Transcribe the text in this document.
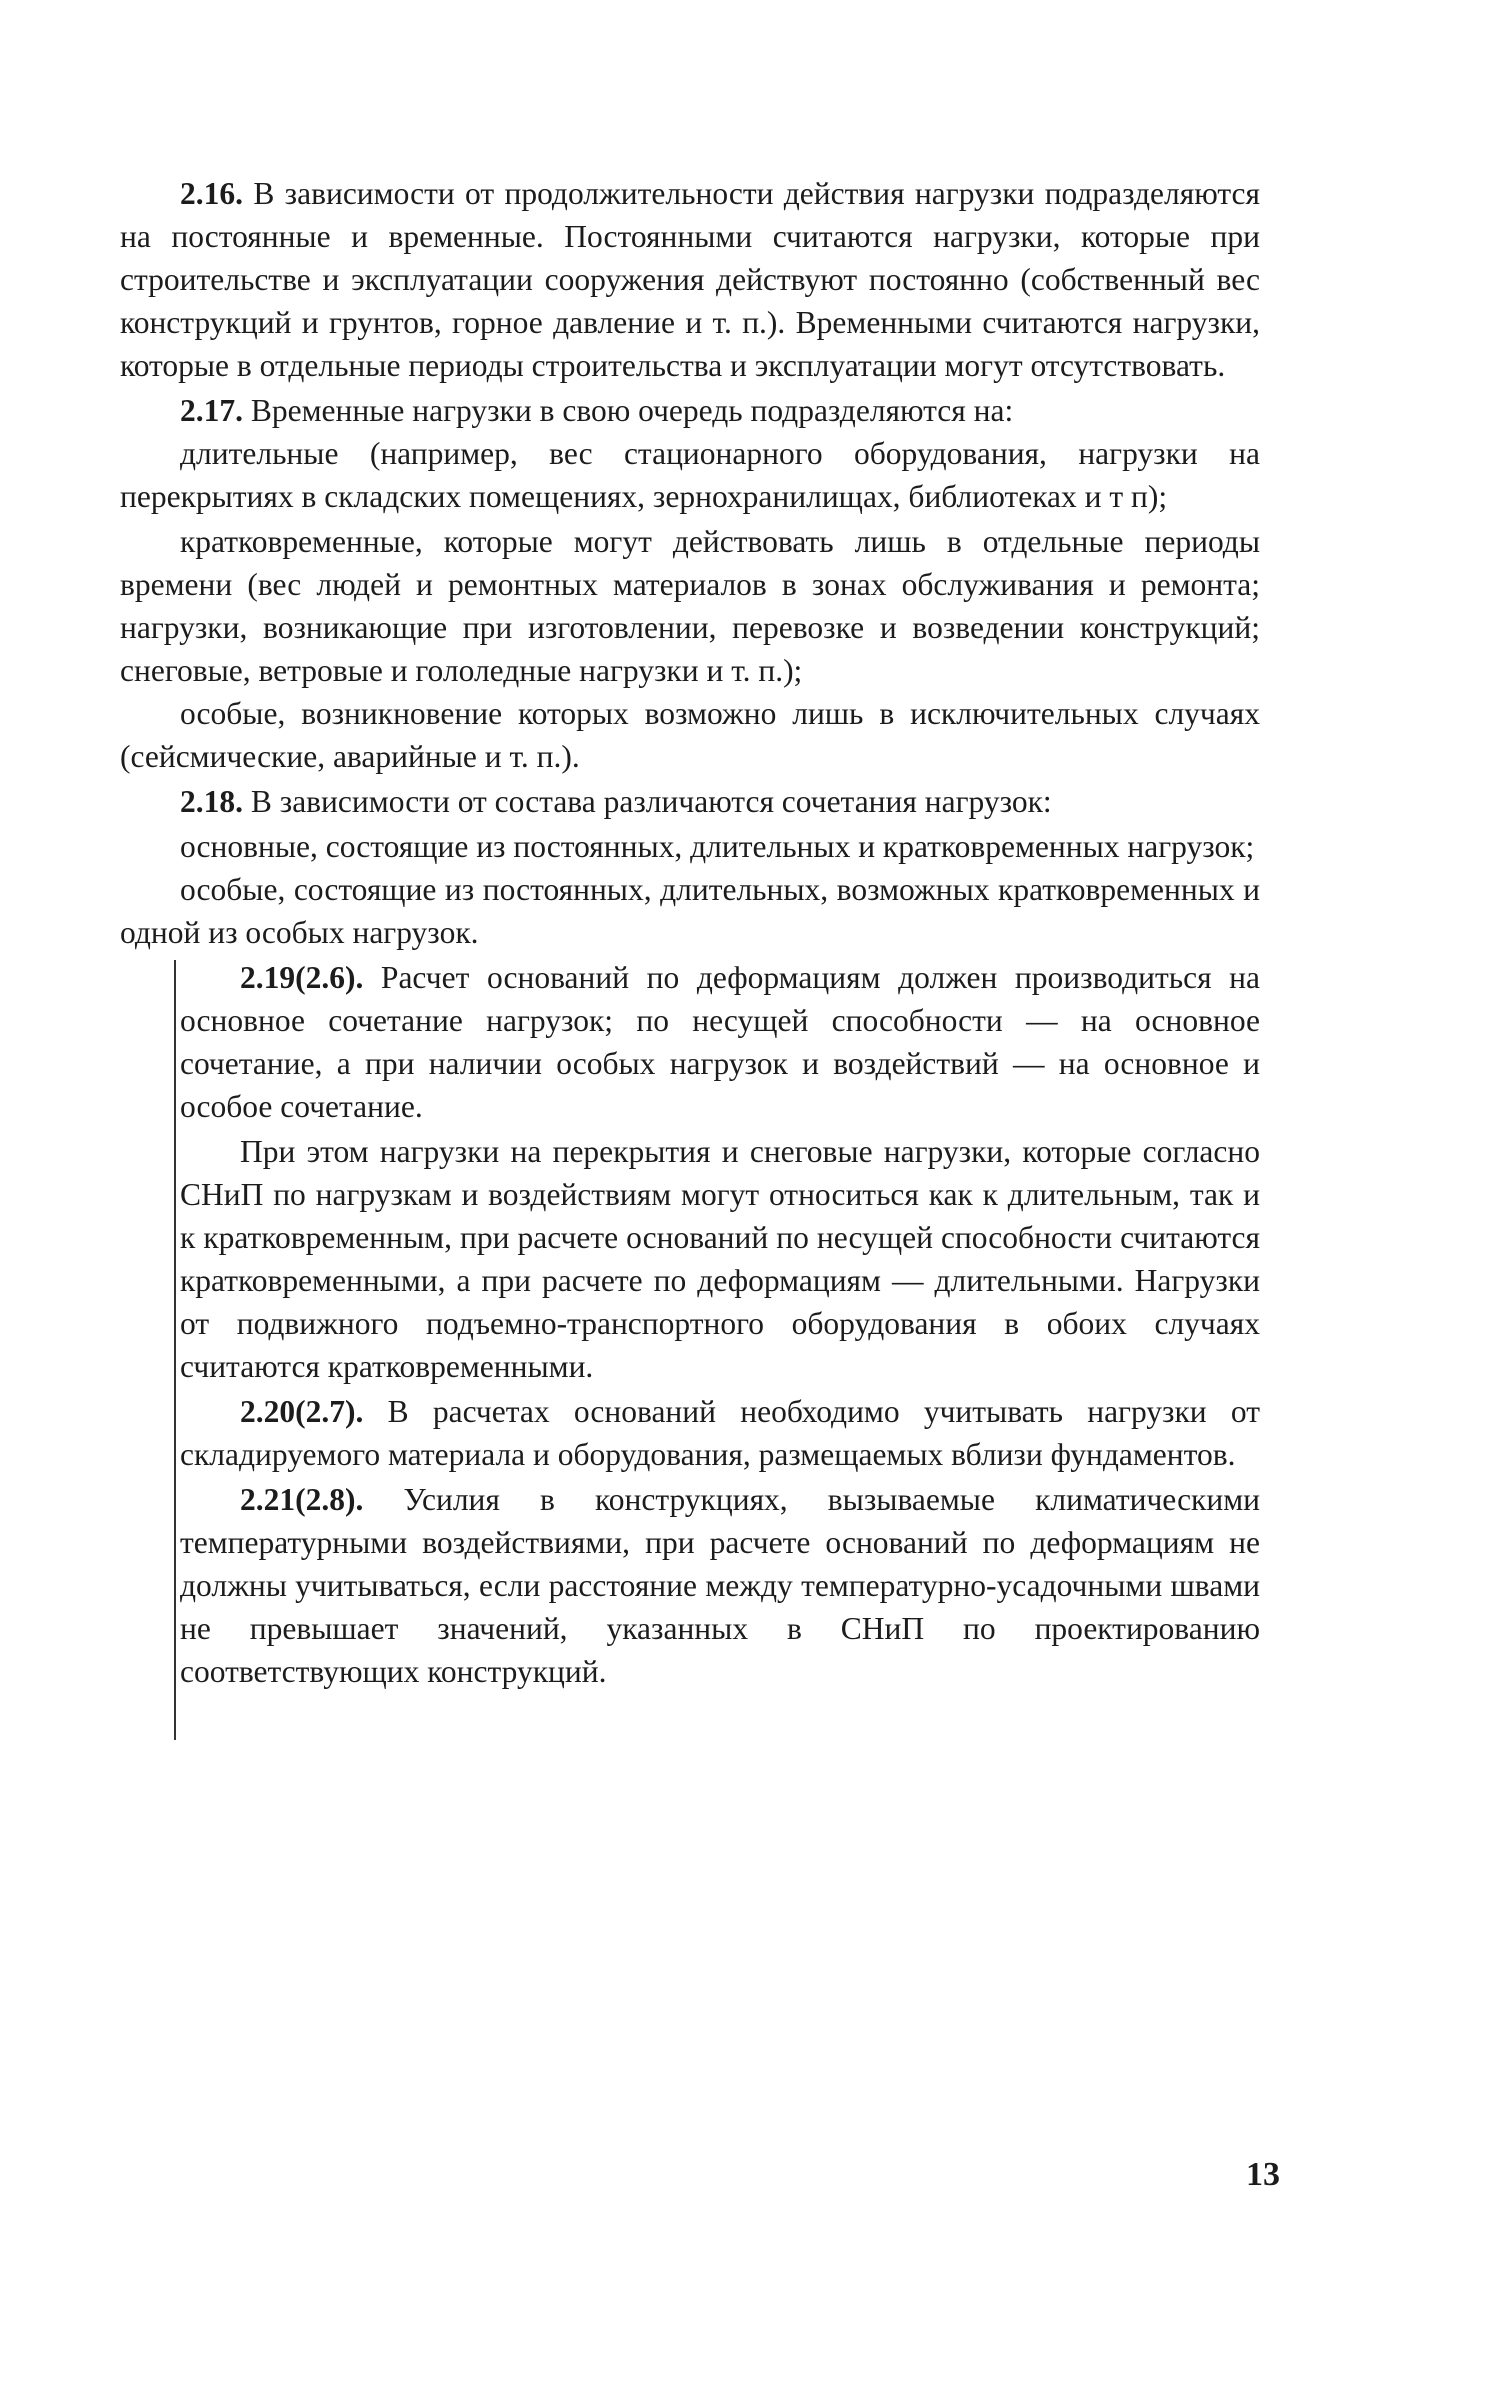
2.16. В зависимости от продолжительности действия нагрузки подразделяются на постоянные и временные. Постоянными считаются нагрузки, которые при строительстве и эксплуатации сооружения действуют постоянно (собственный вес конструкций и грунтов, горное давление и т. п.). Временными считаются нагрузки, которые в отдельные периоды строительства и эксплуатации могут отсутствовать.

2.17. Временные нагрузки в свою очередь подразделяются на:

длительные (например, вес стационарного оборудования, нагрузки на перекрытиях в складских помещениях, зернохранилищах, библиотеках и т п);

кратковременные, которые могут действовать лишь в отдельные периоды времени (вес людей и ремонтных материалов в зонах обслуживания и ремонта; нагрузки, возникающие при изготовлении, перевозке и возведении конструкций; снеговые, ветровые и гололедные нагрузки и т. п.);

особые, возникновение которых возможно лишь в исключительных случаях (сейсмические, аварийные и т. п.).

2.18. В зависимости от состава различаются сочетания нагрузок:

основные, состоящие из постоянных, длительных и кратковременных нагрузок;

особые, состоящие из постоянных, длительных, возможных кратковременных и одной из особых нагрузок.

2.19(2.6). Расчет оснований по деформациям должен производиться на основное сочетание нагрузок; по несущей способности — на основное сочетание, а при наличии особых нагрузок и воздействий — на основное и особое сочетание.

При этом нагрузки на перекрытия и снеговые нагрузки, которые согласно СНиП по нагрузкам и воздействиям могут относиться как к длительным, так и к кратковременным, при расчете оснований по несущей способности считаются кратковременными, а при расчете по деформациям — длительными. Нагрузки от подвижного подъемно-транспортного оборудования в обоих случаях считаются кратковременными.

2.20(2.7). В расчетах оснований необходимо учитывать нагрузки от складируемого материала и оборудования, размещаемых вблизи фундаментов.

2.21(2.8). Усилия в конструкциях, вызываемые климатическими температурными воздействиями, при расчете оснований по деформациям не должны учитываться, если расстояние между температурно-усадочными швами не превышает значений, указанных в СНиП по проектированию соответствующих конструкций.

13
